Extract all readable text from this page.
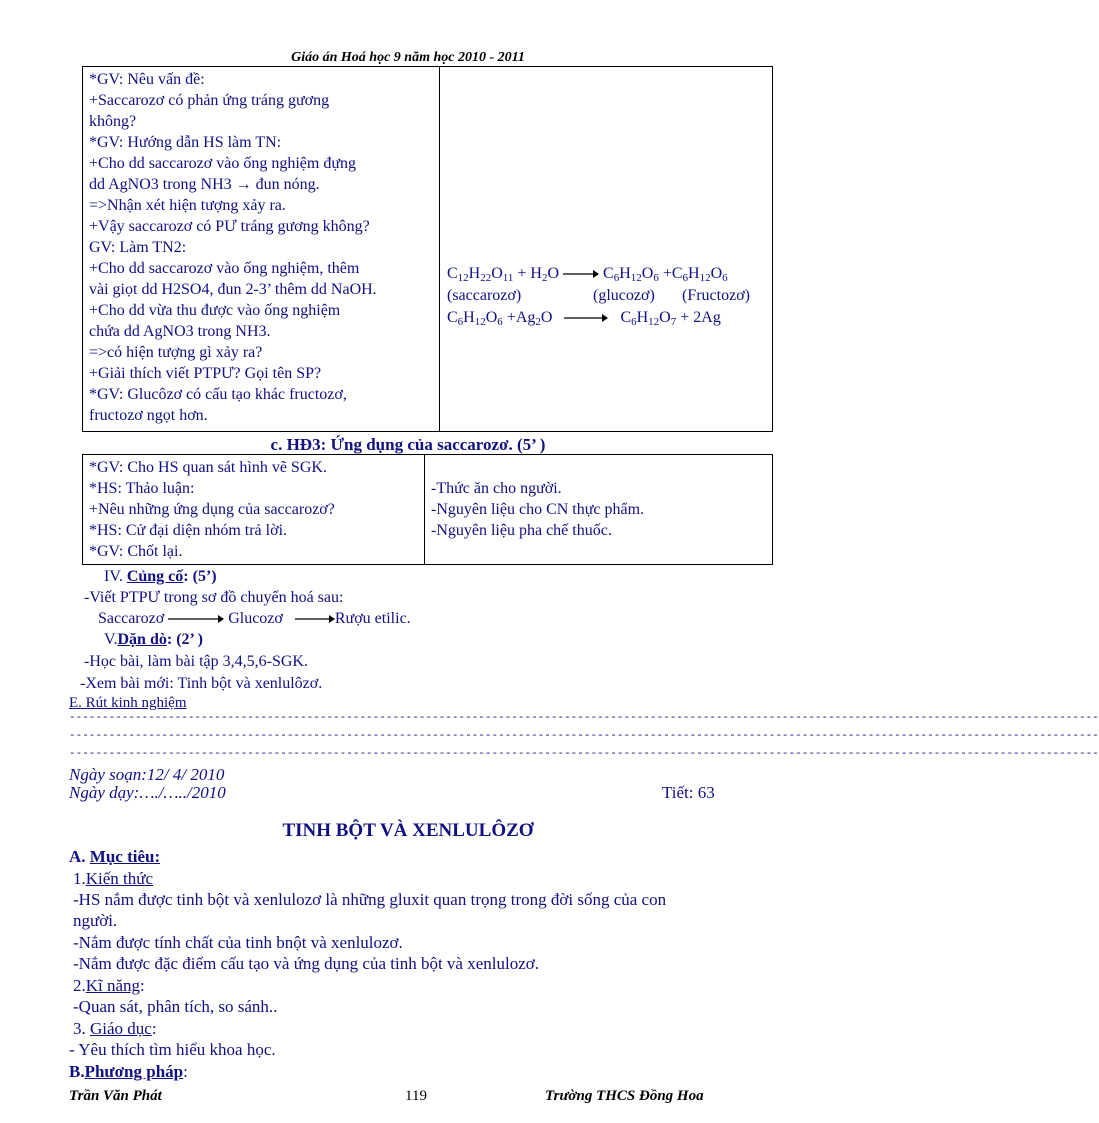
Giáo án Hoá học 9 năm học 2010 - 2011
*GV: Nêu vấn đề:
+Saccarozơ có phản ứng tráng gương
không?
*GV: Hướng dẫn HS làm TN:
+Cho dd saccarozơ vào ống nghiệm đựng
dd AgNO3 trong NH3 → đun nóng.
=>Nhận xét hiện tượng xảy ra.
+Vậy saccarozơ có PƯ tráng gương không?
GV: Làm TN2:
+Cho dd saccarozơ vào ống nghiệm, thêm
vài giọt dd H2SO4, đun 2-3’ thêm dd NaOH.
+Cho dd vừa thu được vào ống nghiệm
chứa dd AgNO3 trong NH3.
=>có hiện tượng gì xảy ra?
+Giải thích viết PTPƯ? Gọi tên SP?
*GV: Glucôzơ có cấu tạo khác fructozơ,
fructozơ ngọt hơn.

$C_{12}H_{22}O_{11} + H_2O$  $C_6H_{12}O_6 +C_6H_{12}O_6$
(saccarozơ)	(glucozơ) (Fructozơ)
$C_6H_{12}O_6 +Ag_2O$	$C_6H_{12}O_7 + 2Ag$
c. HĐ3: Ứng dụng của saccarozơ. (5’ )
*GV: Cho HS quan sát hình vẽ SGK.
*HS: Thảo luận:
+Nêu những ứng dụng của saccarozơ?
*HS: Cử đại diện nhóm trả lời.
*GV: Chốt lại.

-Thức ăn cho người.
-Nguyên liệu cho CN thực phẩm.
-Nguyên liệu pha chế thuốc.
IV. Củng cố: (5’)
-Viết PTPƯ trong sơ đồ chuyển hoá sau:
Saccarozơ	Glucozơ	Rượu etilic.
V.Dặn dò: (2’ )
-Học bài, làm bài tập 3,4,5,6-SGK.
-Xem bài mới: Tinh bột và xenlulôzơ.
E. Rút kinh nghiệm
------------------------------------------------------------------------------------------------------------------------------------------------------------
------------------------------------------------------------------------------------------------------------------------------------------------------------
------------------------------------------------------------------------------------------------------------------------------------------------------------
Ngày soạn:12/ 4/ 2010
Ngày dạy:…./…../2010	Tiết: 63
TINH BỘT VÀ XENLULÔZƠ
A. Mục tiêu:
1.Kiến thức
-HS nắm được tinh bột và xenlulozơ là những gluxit quan trọng trong đời sống của con
người.
-Nắm được tính chất của tinh bnột và xenlulozơ.
-Nắm được đặc điểm cấu tạo và ứng dụng của tinh bột và xenlulozơ.
2.Kĩ năng:
-Quan sát, phân tích, so sánh..
3. Giáo dục:
- Yêu thích tìm hiểu khoa học.
B.Phương pháp:
Trần Văn Phát	119	Trường THCS Đồng Hoa
